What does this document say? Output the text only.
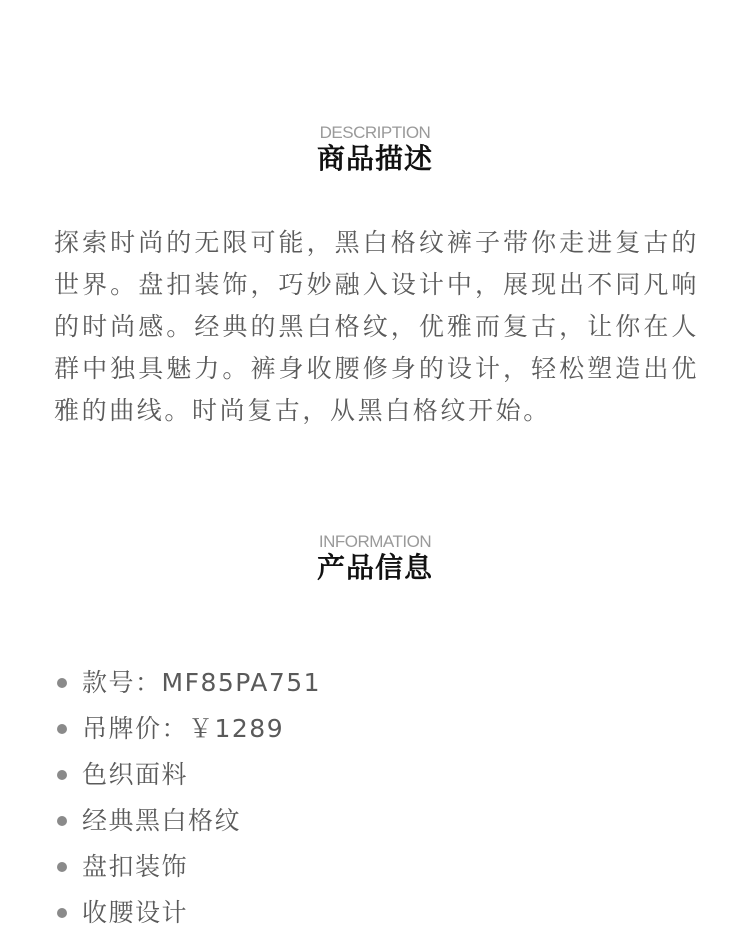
DESCRIPTION
商品描述

探索时尚的无限可能，黑白格纹裤子带你走进复古的世界。盘扣装饰，巧妙融入设计中，展现出不同凡响的时尚感。经典的黑白格纹，优雅而复古，让你在人群中独具魅力。裤身收腰修身的设计，轻松塑造出优雅的曲线。时尚复古，从黑白格纹开始。

INFORMATION
产品信息
款号：MF85PA751
吊牌价：￥1289
色织面料
经典黑白格纹
盘扣装饰
收腰设计
